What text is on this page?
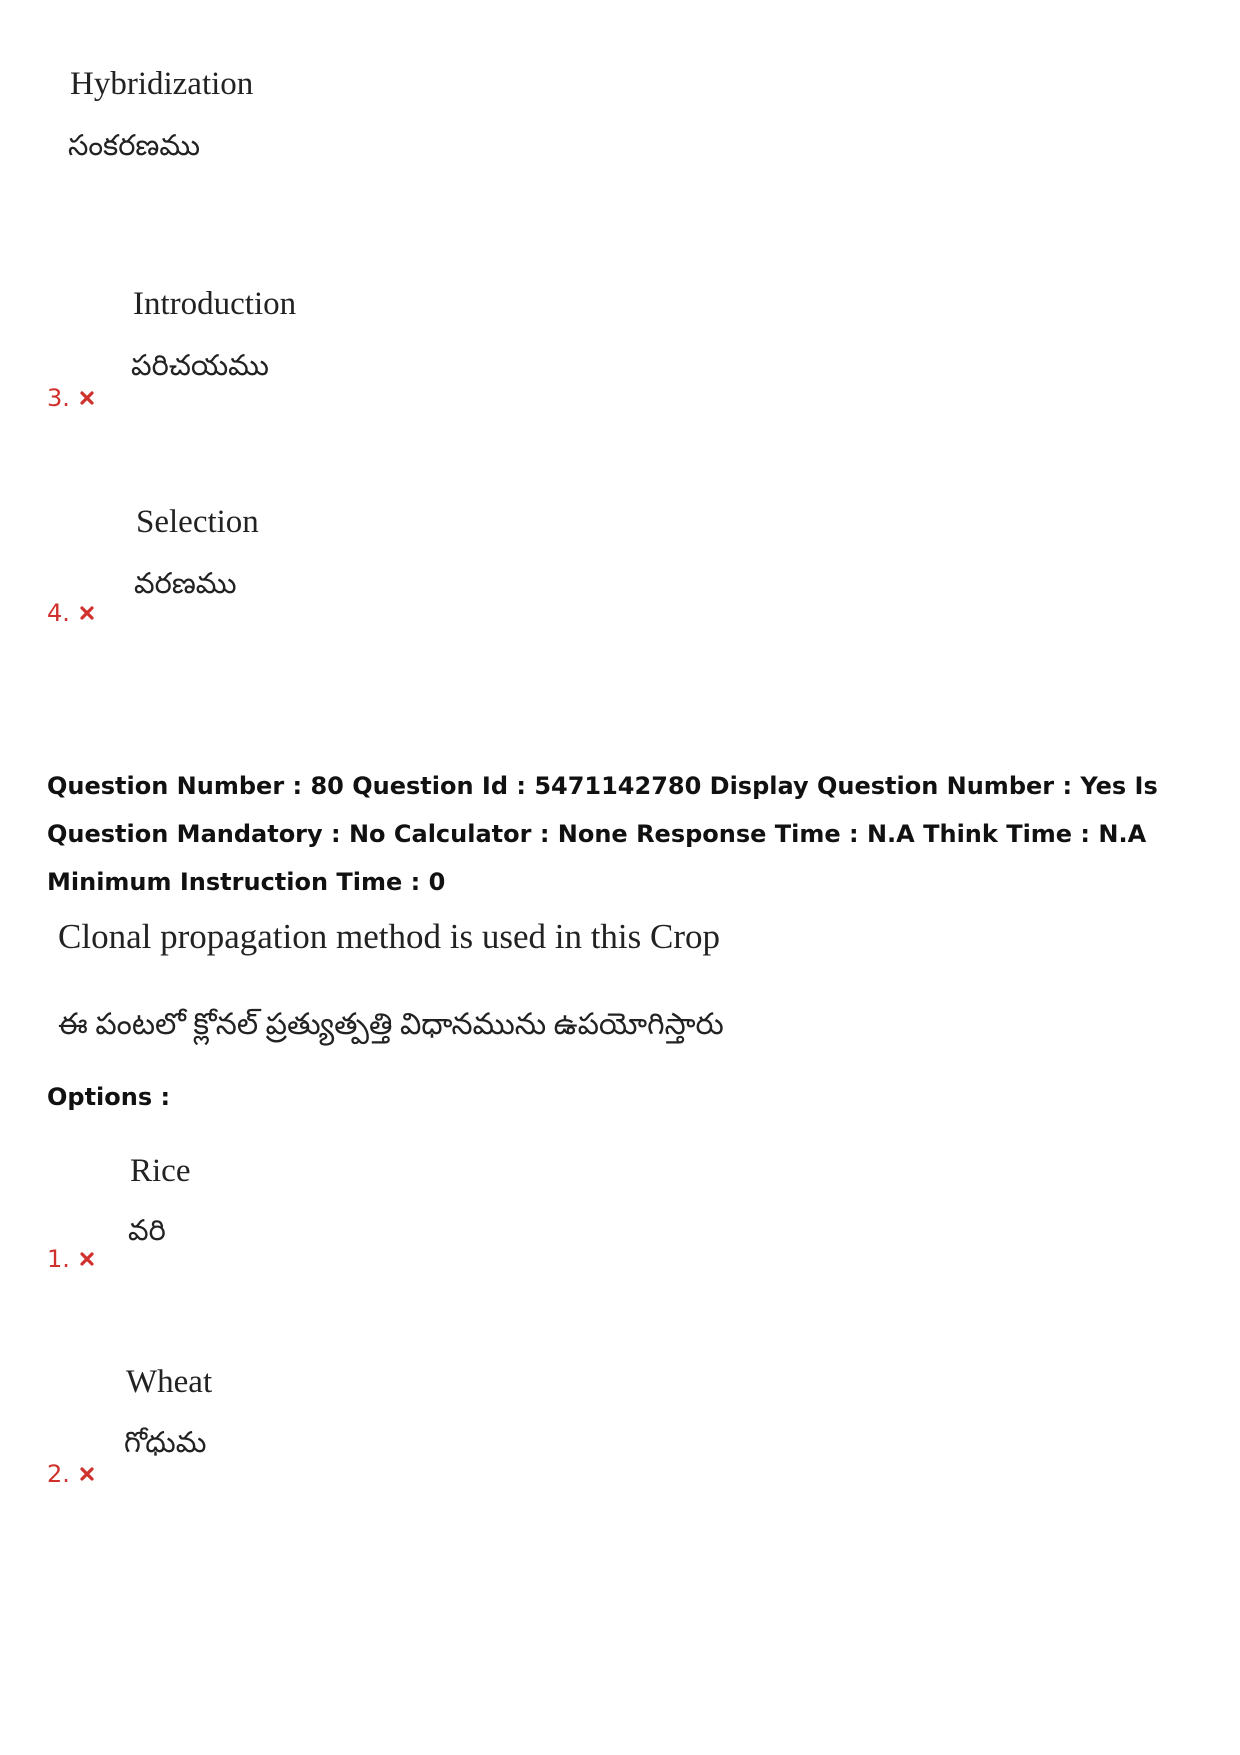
Hybridization
సంకరణము
Introduction
పరిచయము
3.
Selection
వరణము
4.
Question Number : 80 Question Id : 5471142780 Display Question Number : Yes Is Question Mandatory : No Calculator : None Response Time : N.A Think Time : N.A Minimum Instruction Time : 0
Clonal propagation method is used in this Crop
ఈ పంటలో క్లోనల్ ప్రత్యుత్పత్తి విధానమును ఉపయోగిస్తారు
Options :
Rice
వరి
1.
Wheat
గోధుమ
2.
